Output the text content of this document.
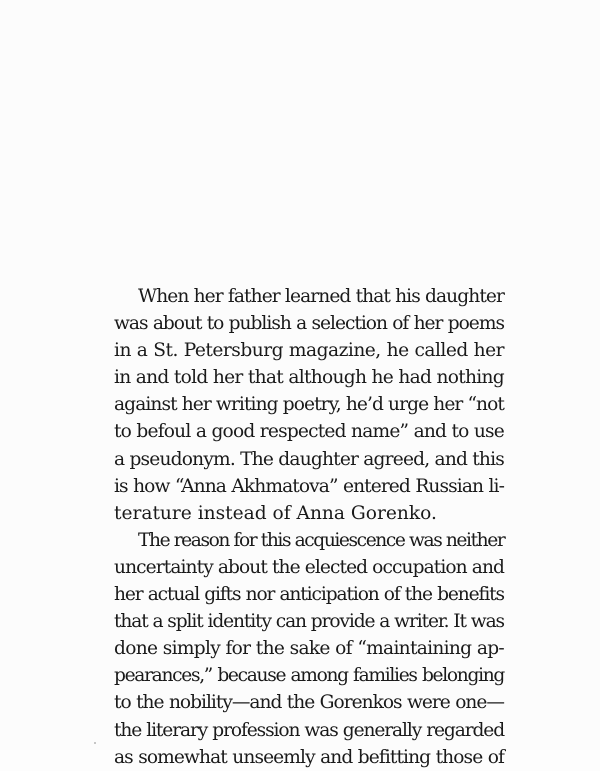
When her father learned that his daughter
was about to publish a selection of her poems
in a St. Petersburg magazine, he called her
in and told her that although he had nothing
against her writing poetry, he’d urge her “not
to befoul a good respected name” and to use
a pseudonym. The daughter agreed, and this
is how “Anna Akhmatova” entered Russian li-
terature instead of Anna Gorenko.
The reason for this acquiescence was neither
uncertainty about the elected occupation and
her actual gifts nor anticipation of the benefits
that a split identity can provide a writer. It was
done simply for the sake of “maintaining ap-
pearances,” because among families belonging
to the nobility—and the Gorenkos were one—
the literary profession was generally regarded
as somewhat unseemly and befitting those of
